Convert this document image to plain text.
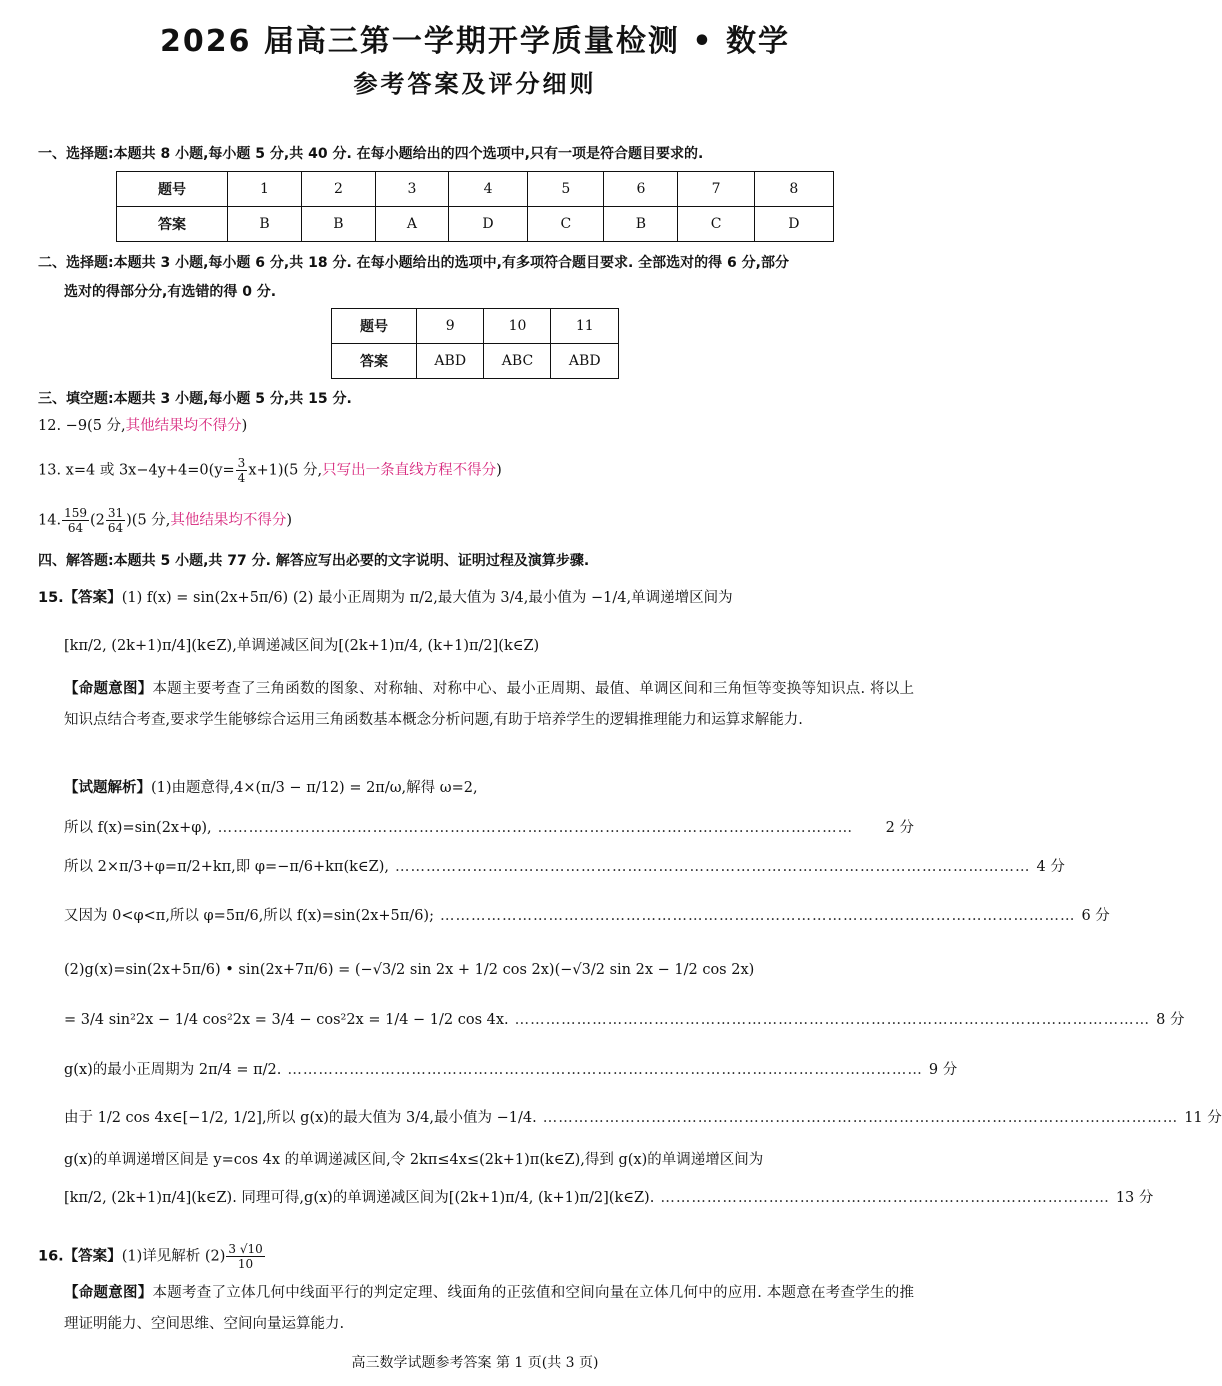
2026 届高三第一学期开学质量检测 • 数学
参考答案及评分细则
一、选择题:本题共 8 小题,每小题 5 分,共 40 分. 在每小题给出的四个选项中,只有一项是符合题目要求的.
题号	1	2	3	4	5	6	7	8
答案	B	B	A	D	C	B	C	D
二、选择题:本题共 3 小题,每小题 6 分,共 18 分. 在每小题给出的选项中,有多项符合题目要求. 全部选对的得 6 分,部分
选对的得部分分,有选错的得 0 分.
题号	9	10	11
答案	ABD	ABC	ABD
三、填空题:本题共 3 小题,每小题 5 分,共 15 分.
12. −9(5 分,其他结果均不得分)
13. x=4 或 $3x-4y+4=0(y= \frac{3}{4} x+1)(5$ 分,只写出一条直线方程不得分)
14. $\frac{159}{64} (2 \frac{31}{64} )(5$ 分,其他结果均不得分)
四、解答题:本题共 5 小题,共 77 分. 解答应写出必要的文字说明、证明过程及演算步骤.
15.【答案】(1) f(x) = sin(2x+5π/6) (2) 最小正周期为 π/2,最大值为 3/4,最小值为 −1/4,单调递增区间为
[kπ/2, (2k+1)π/4](k∈Z),单调递减区间为[(2k+1)π/4, (k+1)π/2](k∈Z)
【命题意图】本题主要考查了三角函数的图象、对称轴、对称中心、最小正周期、最值、单调区间和三角恒等变换等知识点. 将以上知识点结合考查,要求学生能够综合运用三角函数基本概念分析问题,有助于培养学生的逻辑推理能力和运算求解能力.
【试题解析】(1)由题意得,4×(π/3 − π/12) = 2π/ω,解得 ω=2,
所以 f(x)=sin(2x+φ), ……………………………………………………………………………………………………………	2 分
所以 2×π/3+φ=π/2+kπ,即 φ=−π/6+kπ(k∈Z), …………………………………………………………………………………………………………… 4 分
又因为 0<φ<π,所以 φ=5π/6,所以 f(x)=sin(2x+5π/6); …………………………………………………………………………………………………………… 6 分
(2)g(x)=sin(2x+5π/6) • sin(2x+7π/6) = (−√3/2 sin 2x + 1/2 cos 2x)(−√3/2 sin 2x − 1/2 cos 2x)
= 3/4 sin²2x − 1/4 cos²2x = 3/4 − cos²2x = 1/4 − 1/2 cos 4x. …………………………………………………………………………………………………………… 8 分
g(x)的最小正周期为 2π/4 = π/2. …………………………………………………………………………………………………………… 9 分
由于 1/2 cos 4x∈[−1/2, 1/2],所以 g(x)的最大值为 3/4,最小值为 −1/4. …………………………………………………………………………………………………………… 11 分
g(x)的单调递增区间是 y=cos 4x 的单调递减区间,令 2kπ≤4x≤(2k+1)π(k∈Z),得到 g(x)的单调递增区间为
[kπ/2, (2k+1)π/4](k∈Z). 同理可得,g(x)的单调递减区间为[(2k+1)π/4, (k+1)π/2](k∈Z). …………………………………………………………………………… 13 分
16.【答案】(1)详见解析 $(2) \frac{3 √10}{10}$
【命题意图】本题考查了立体几何中线面平行的判定定理、线面角的正弦值和空间向量在立体几何中的应用. 本题意在考查学生的推理证明能力、空间思维、空间向量运算能力.
高三数学试题参考答案 第 1 页(共 3 页)
